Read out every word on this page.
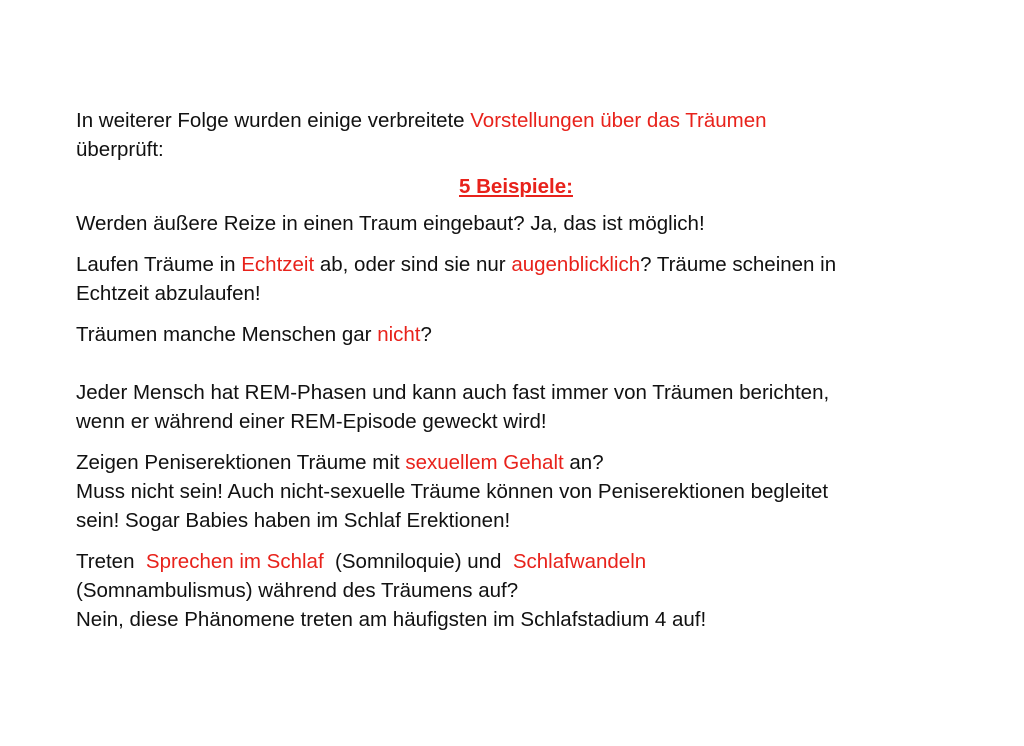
In weiterer Folge wurden einige verbreitete Vorstellungen über das Träumen
überprüft:

5 Beispiele:

Werden äußere Reize in einen Traum eingebaut? Ja, das ist möglich!

Laufen Träume in Echtzeit ab, oder sind sie nur augenblicklich? Träume scheinen in
Echtzeit abzulaufen!

Träumen manche Menschen gar nicht?

Jeder Mensch hat REM-Phasen und kann auch fast immer von Träumen berichten,
wenn er während einer REM-Episode geweckt wird!

Zeigen Peniserektionen Träume mit sexuellem Gehalt an?
Muss nicht sein! Auch nicht-sexuelle Träume können von Peniserektionen begleitet
sein! Sogar Babies haben im Schlaf Erektionen!

Treten  Sprechen im Schlaf  (Somniloquie) und  Schlafwandeln
(Somnambulismus) während des Träumens auf?
Nein, diese Phänomene treten am häufigsten im Schlafstadium 4 auf!
